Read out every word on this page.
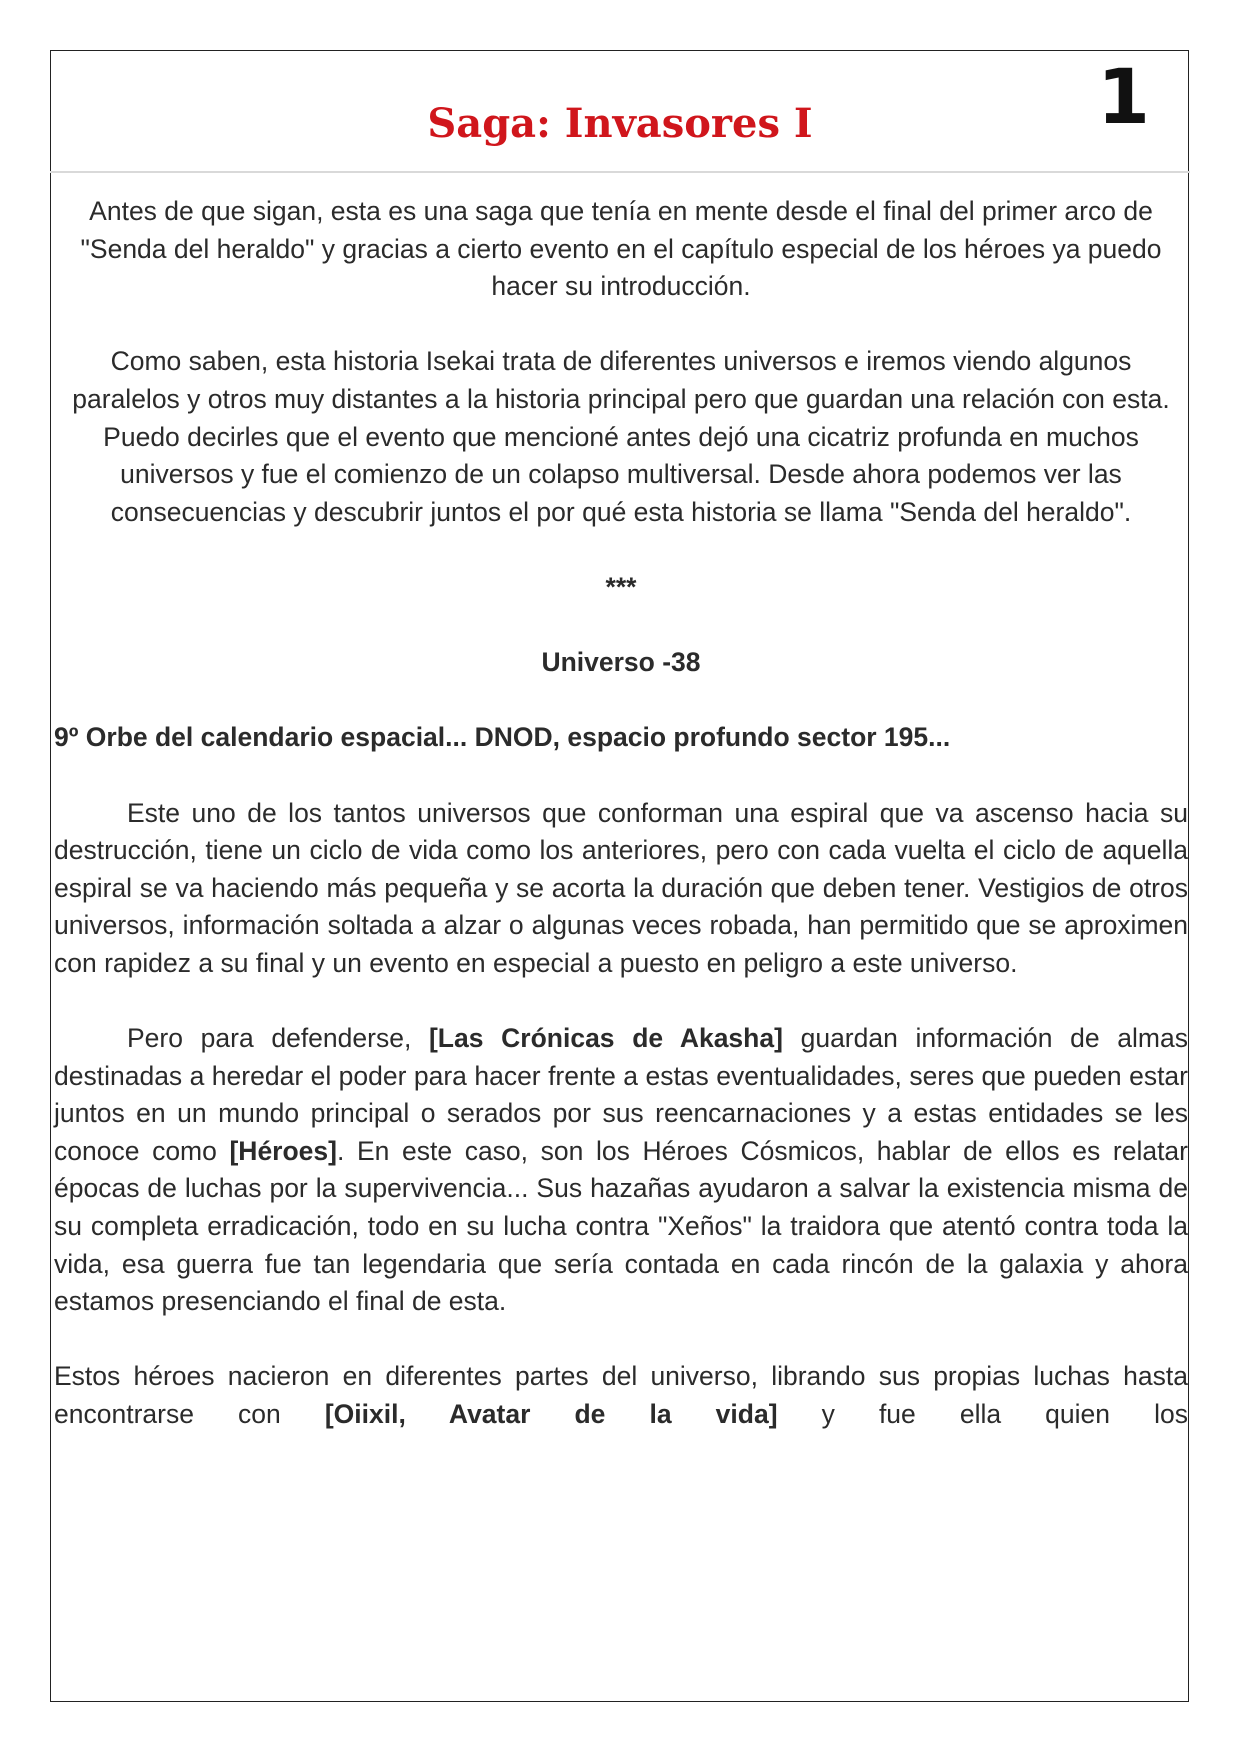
1
Saga: Invasores I

Antes de que sigan, esta es una saga que tenía en mente desde el final del primer arco de "Senda del heraldo" y gracias a cierto evento en el capítulo especial de los héroes ya puedo hacer su introducción.

Como saben, esta historia Isekai trata de diferentes universos e iremos viendo algunos paralelos y otros muy distantes a la historia principal pero que guardan una relación con esta. Puedo decirles que el evento que mencioné antes dejó una cicatriz profunda en muchos universos y fue el comienzo de un colapso multiversal. Desde ahora podemos ver las consecuencias y descubrir juntos el por qué esta historia se llama "Senda del heraldo".

***

Universo -38

9º Orbe del calendario espacial... DNOD, espacio profundo sector 195...

Este uno de los tantos universos que conforman una espiral que va ascenso hacia su destrucción, tiene un ciclo de vida como los anteriores, pero con cada vuelta el ciclo de aquella espiral se va haciendo más pequeña y se acorta la duración que deben tener. Vestigios de otros universos, información soltada a alzar o algunas veces robada, han permitido que se aproximen con rapidez a su final y un evento en especial a puesto en peligro a este universo.

Pero para defenderse, [Las Crónicas de Akasha] guardan información de almas destinadas a heredar el poder para hacer frente a estas eventualidades, seres que pueden estar juntos en un mundo principal o serados por sus reencarnaciones y a estas entidades se les conoce como [Héroes]. En este caso, son los Héroes Cósmicos, hablar de ellos es relatar épocas de luchas por la supervivencia... Sus hazañas ayudaron a salvar la existencia misma de su completa erradicación, todo en su lucha contra "Xeños" la traidora que atentó contra toda la vida, esa guerra fue tan legendaria que sería contada en cada rincón de la galaxia y ahora estamos presenciando el final de esta.

Estos héroes nacieron en diferentes partes del universo, librando sus propias luchas hasta encontrarse con [Oiixil, Avatar de la vida] y fue ella quien los
